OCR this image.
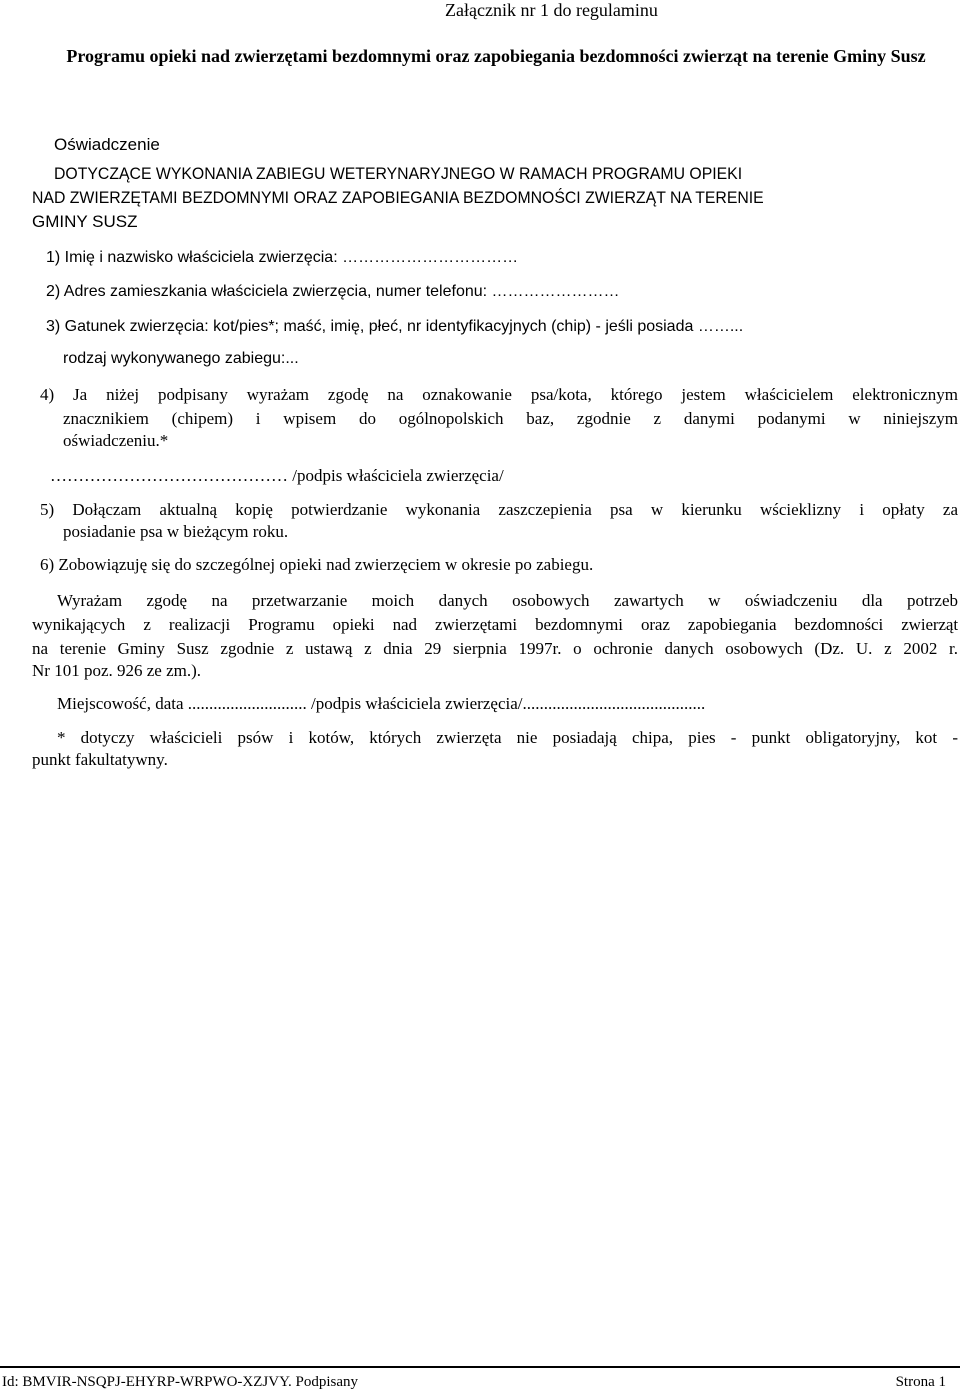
Załącznik nr 1 do regulaminu
Programu opieki nad zwierzętami bezdomnymi oraz zapobiegania bezdomności zwierząt na terenie Gminy Susz
Oświadczenie
DOTYCZĄCE WYKONANIA ZABIEGU WETERYNARYJNEGO W RAMACH PROGRAMU OPIEKI
NAD ZWIERZĘTAMI BEZDOMNYMI ORAZ ZAPOBIEGANIA BEZDOMNOŚCI ZWIERZĄT NA TERENIE
GMINY SUSZ
1) Imię i nazwisko właściciela zwierzęcia: ……………………………
2) Adres zamieszkania właściciela zwierzęcia, numer telefonu: ……………………
3) Gatunek zwierzęcia: kot/pies*; maść, imię, płeć, nr identyfikacyjnych (chip) - jeśli posiada ……...
rodzaj wykonywanego zabiegu:...
4) Ja niżej podpisany wyrażam zgodę na oznakowanie psa/kota, którego jestem właścicielem elektronicznym
znacznikiem (chipem) i wpisem do ogólnopolskich baz, zgodnie z danymi podanymi w niniejszym
oświadczeniu.*
…………………………………… /podpis właściciela zwierzęcia/
5) Dołączam aktualną kopię potwierdzanie wykonania zaszczepienia psa w kierunku wścieklizny i opłaty za
posiadanie psa w bieżącym roku.
6) Zobowiązuję się do szczególnej opieki nad zwierzęciem w okresie po zabiegu.
Wyrażam zgodę na przetwarzanie moich danych osobowych zawartych w oświadczeniu dla potrzeb
wynikających z realizacji Programu opieki nad zwierzętami bezdomnymi oraz zapobiegania bezdomności zwierząt
na terenie Gminy Susz zgodnie z ustawą z dnia 29 sierpnia 1997r. o ochronie danych osobowych (Dz. U. z 2002 r.
Nr 101 poz. 926 ze zm.).
Miejscowość, data ............................ /podpis właściciela zwierzęcia/...........................................
* dotyczy właścicieli psów i kotów, których zwierzęta nie posiadają chipa, pies - punkt obligatoryjny, kot -
punkt fakultatywny.
Id: BMVIR-NSQPJ-EHYRP-WRPWO-XZJVY. Podpisany	Strona 1
